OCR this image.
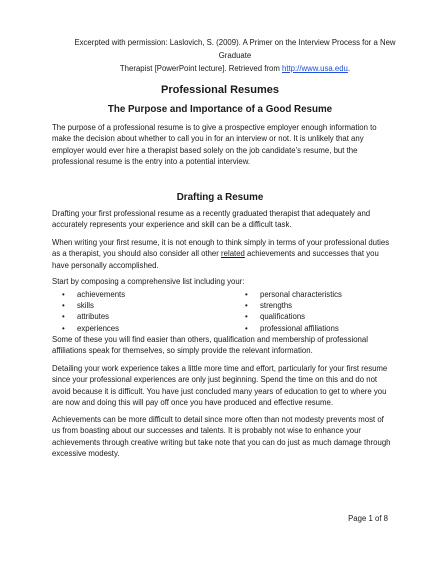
Excerpted with permission: Laslovich, S. (2009). A Primer on the Interview Process for a New Graduate
Therapist [PowerPoint lecture]. Retrieved from http://www.usa.edu.
Professional Resumes
The Purpose and Importance of a Good Resume

The purpose of a professional resume is to give a prospective employer enough information to make the decision about whether to call you in for an interview or not. It is unlikely that any employer would ever hire a therapist based solely on the job candidate’s resume, but the professional resume is the entry into a potential interview.

Drafting a Resume

Drafting your first professional resume as a recently graduated therapist that adequately and accurately represents your experience and skill can be a difficult task.

When writing your first resume, it is not enough to think simply in terms of your professional duties as a therapist, you should also consider all other related achievements and successes that you have personally accomplished.

Start by composing a comprehensive list including your:

• achievements
• skills
• attributes
• experiences
• personal characteristics
• strengths
• qualifications
• professional affiliations

Some of these you will find easier than others, qualification and membership of professional affiliations speak for themselves, so simply provide the relevant information.

Detailing your work experience takes a little more time and effort, particularly for your first resume since your professional experiences are only just beginning. Spend the time on this and do not avoid because it is difficult. You have just concluded many years of education to get to where you are now and doing this will pay off once you have produced and effective resume.

Achievements can be more difficult to detail since more often than not modesty prevents most of us from boasting about our successes and talents. It is probably not wise to enhance your achievements through creative writing but take note that you can do just as much damage through excessive modesty.

Page 1 of 8
